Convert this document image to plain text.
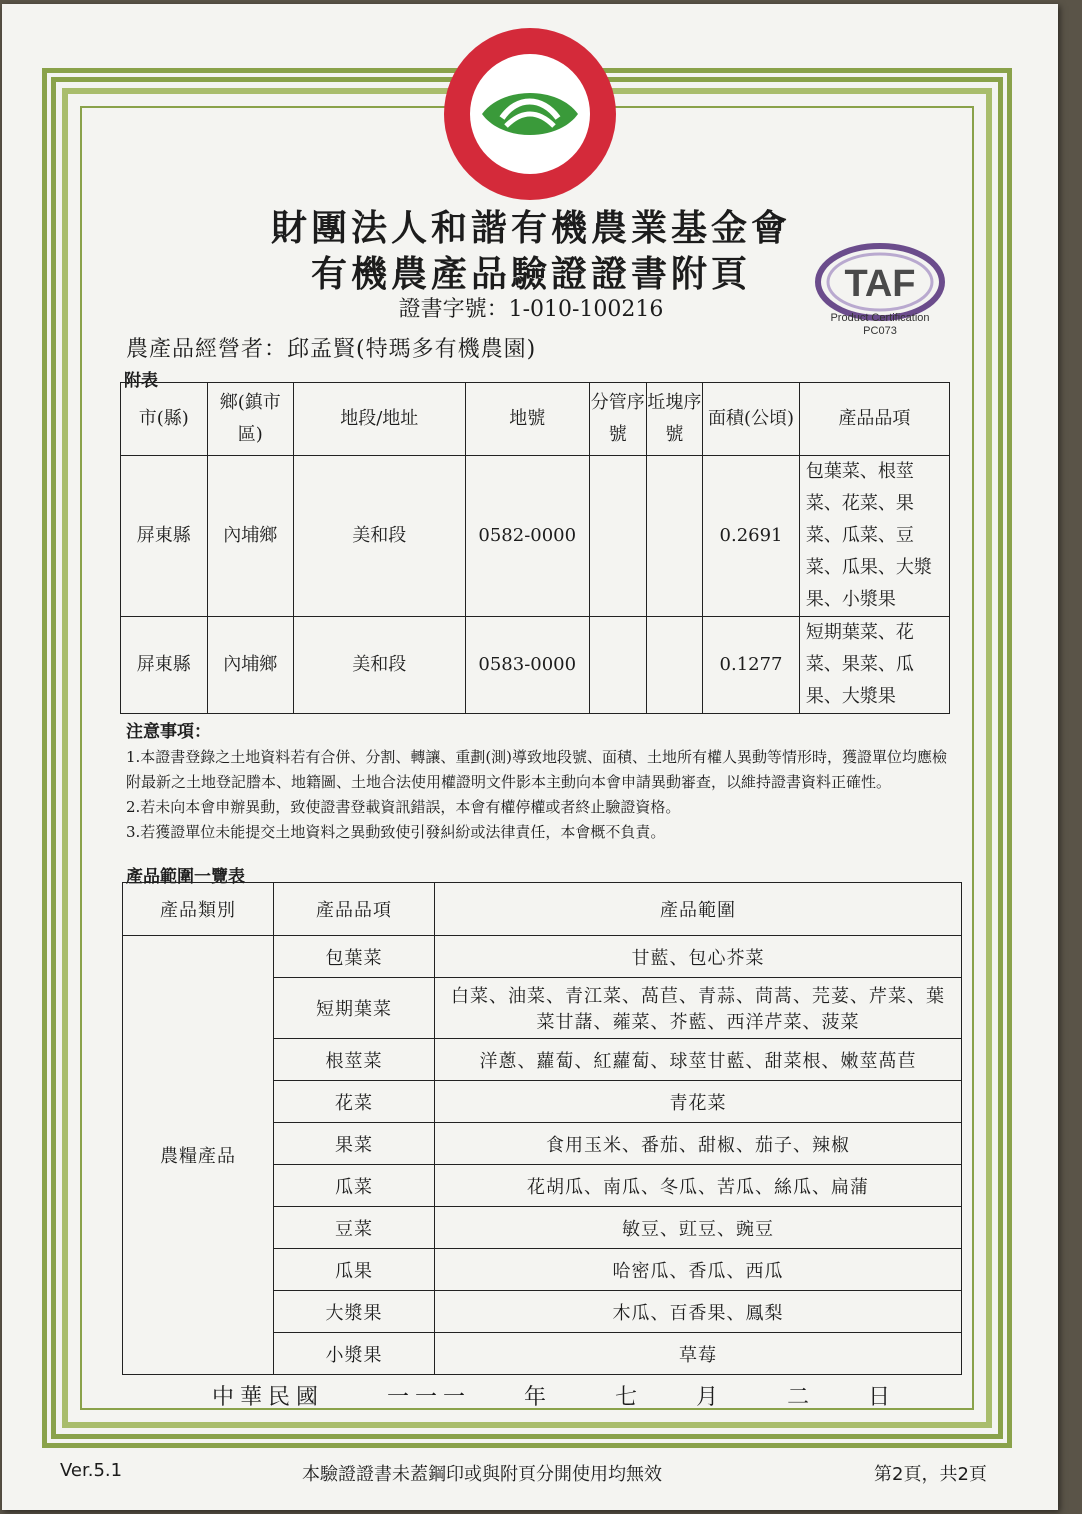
財團法人和諧有機農業基金會
有機農產品驗證證書附頁
證書字號：1-010-100216
TAF
Product Certification
PC073
農產品經營者：邱孟賢(特瑪多有機農園)
附表
市(縣)	鄉(鎮市區)	地段/地址	地號	分管序號	坵塊序號	面積(公頃)	產品品項
屏東縣	內埔鄉	美和段	0582-0000			0.2691	包葉菜、根莖菜、花菜、果菜、瓜菜、豆菜、瓜果、大漿果、小漿果
屏東縣	內埔鄉	美和段	0583-0000			0.1277	短期葉菜、花菜、果菜、瓜果、大漿果
注意事項：
1.本證書登錄之土地資料若有合併、分割、轉讓、重劃(測)導致地段號、面積、土地所有權人異動等情形時，獲證單位均應檢附最新之土地登記謄本、地籍圖、土地合法使用權證明文件影本主動向本會申請異動審查，以維持證書資料正確性。
2.若未向本會申辦異動，致使證書登載資訊錯誤，本會有權停權或者終止驗證資格。
3.若獲證單位未能提交土地資料之異動致使引發糾紛或法律責任，本會概不負責。
產品範圍一覽表
產品類別	產品品項	產品範圍
農糧產品	包葉菜	甘藍、包心芥菜
	短期葉菜	白菜、油菜、青江菜、萵苣、青蒜、茼蒿、芫荽、芹菜、葉菜甘藷、蕹菜、芥藍、西洋芹菜、菠菜
	根莖菜	洋蔥、蘿蔔、紅蘿蔔、球莖甘藍、甜菜根、嫩莖萵苣
	花菜	青花菜
	果菜	食用玉米、番茄、甜椒、茄子、辣椒
	瓜菜	花胡瓜、南瓜、冬瓜、苦瓜、絲瓜、扁蒲
	豆菜	敏豆、豇豆、豌豆
	瓜果	哈密瓜、香瓜、西瓜
	大漿果	木瓜、百香果、鳳梨
	小漿果	草莓
中華民國	一一一 年	七 月	二 日
Ver.5.1	本驗證證書未蓋鋼印或與附頁分開使用均無效	第2頁，共2頁
